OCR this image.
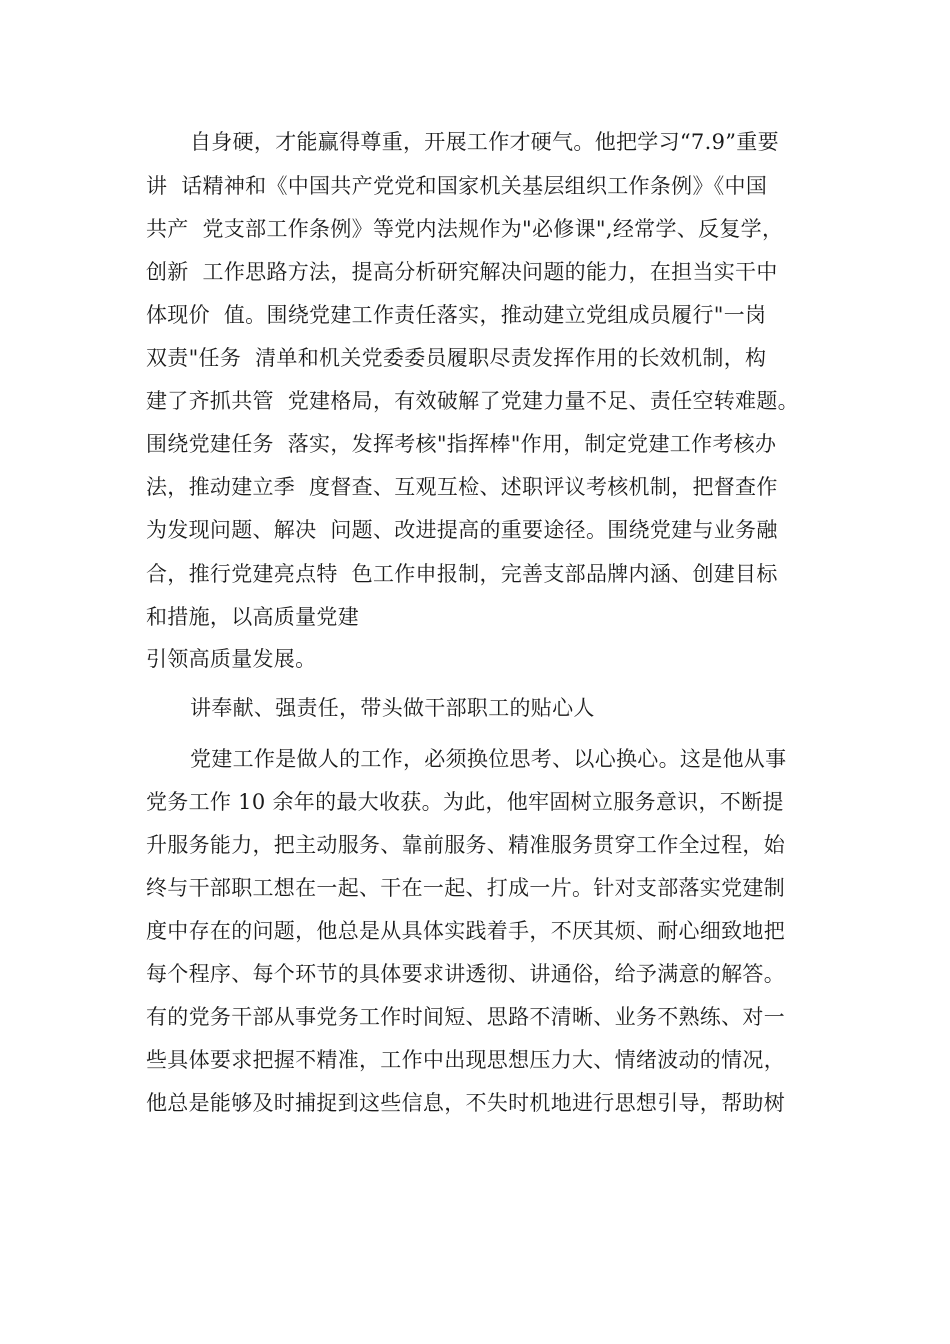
自身硬，才能赢得尊重，开展工作才硬气。他把学习“7.9”重要
讲  话精神和《中国共产党党和国家机关基层组织工作条例》《中国
共产  党支部工作条例》等党内法规作为"必修课",经常学、反复学，
创新  工作思路方法，提高分析研究解决问题的能力，在担当实干中
体现价  值。围绕党建工作责任落实，推动建立党组成员履行"一岗
双责"任务  清单和机关党委委员履职尽责发挥作用的长效机制，构
建了齐抓共管  党建格局，有效破解了党建力量不足、责任空转难题。
围绕党建任务  落实，发挥考核"指挥棒"作用，制定党建工作考核办
法，推动建立季  度督查、互观互检、述职评议考核机制，把督查作
为发现问题、解决  问题、改进提高的重要途径。围绕党建与业务融
合，推行党建亮点特  色工作申报制，完善支部品牌内涵、创建目标
和措施，以高质量党建
引领高质量发展。
讲奉献、强责任，带头做干部职工的贴心人
党建工作是做人的工作，必须换位思考、以心换心。这是他从事
党务工作 10 余年的最大收获。为此，他牢固树立服务意识，不断提
升服务能力，把主动服务、靠前服务、精准服务贯穿工作全过程，始
终与干部职工想在一起、干在一起、打成一片。针对支部落实党建制
度中存在的问题，他总是从具体实践着手，不厌其烦、耐心细致地把
每个程序、每个环节的具体要求讲透彻、讲通俗，给予满意的解答。
有的党务干部从事党务工作时间短、思路不清晰、业务不熟练、对一
些具体要求把握不精准，工作中出现思想压力大、情绪波动的情况，
他总是能够及时捕捉到这些信息，不失时机地进行思想引导，帮助树
